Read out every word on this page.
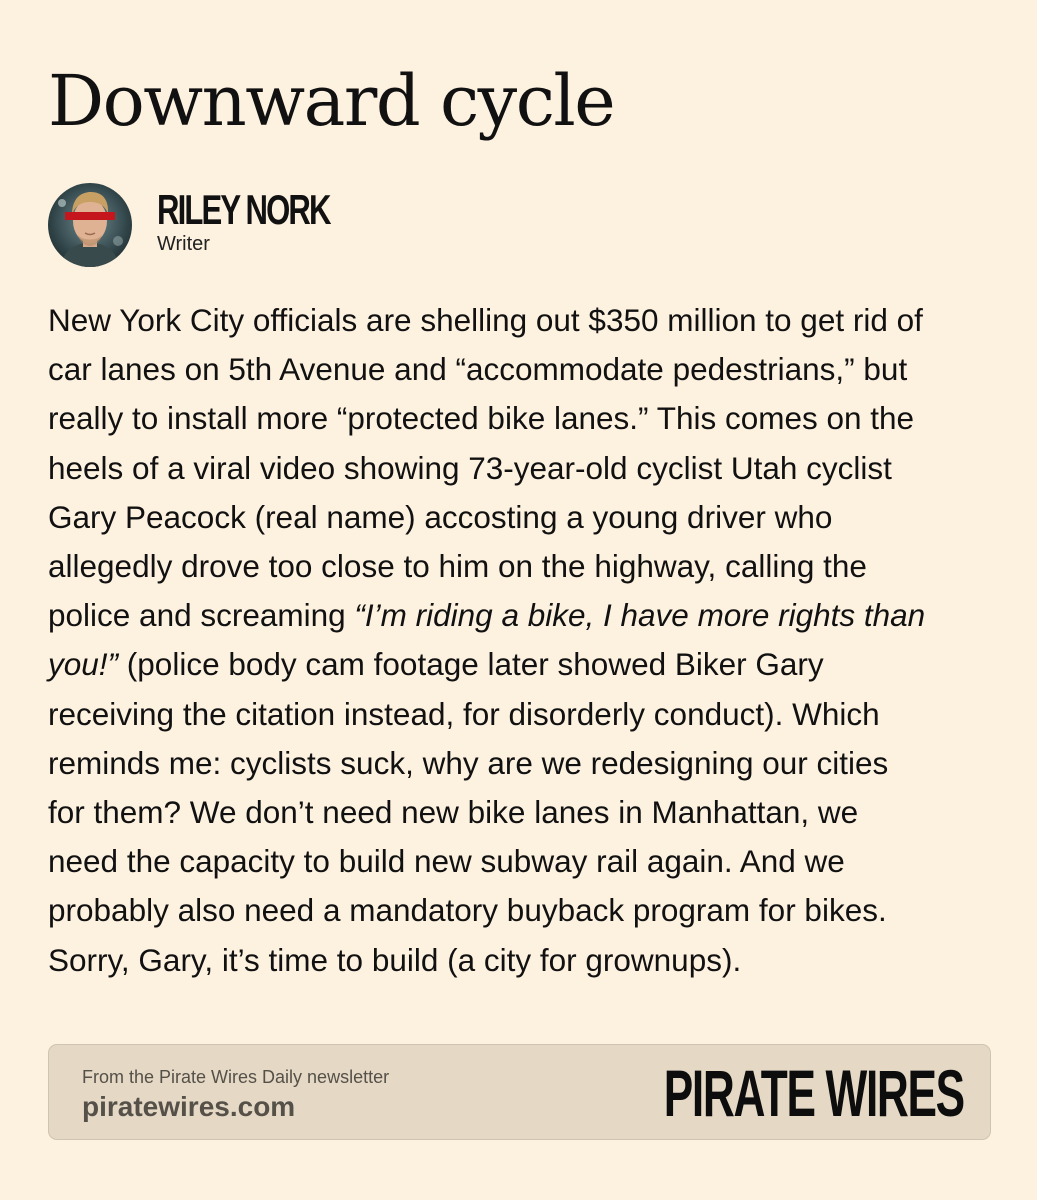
Downward cycle
RILEY NORK
Writer
New York City officials are shelling out $350 million to get rid of
car lanes on 5th Avenue and “accommodate pedestrians,” but
really to install more “protected bike lanes.” This comes on the
heels of a viral video showing 73-year-old cyclist Utah cyclist
Gary Peacock (real name) accosting a young driver who
allegedly drove too close to him on the highway, calling the
police and screaming “I’m riding a bike, I have more rights than
you!” (police body cam footage later showed Biker Gary
receiving the citation instead, for disorderly conduct). Which
reminds me: cyclists suck, why are we redesigning our cities
for them? We don’t need new bike lanes in Manhattan, we
need the capacity to build new subway rail again. And we
probably also need a mandatory buyback program for bikes.
Sorry, Gary, it’s time to build (a city for grownups).
From the Pirate Wires Daily newsletter
piratewires.com	PIRATE WIRES
